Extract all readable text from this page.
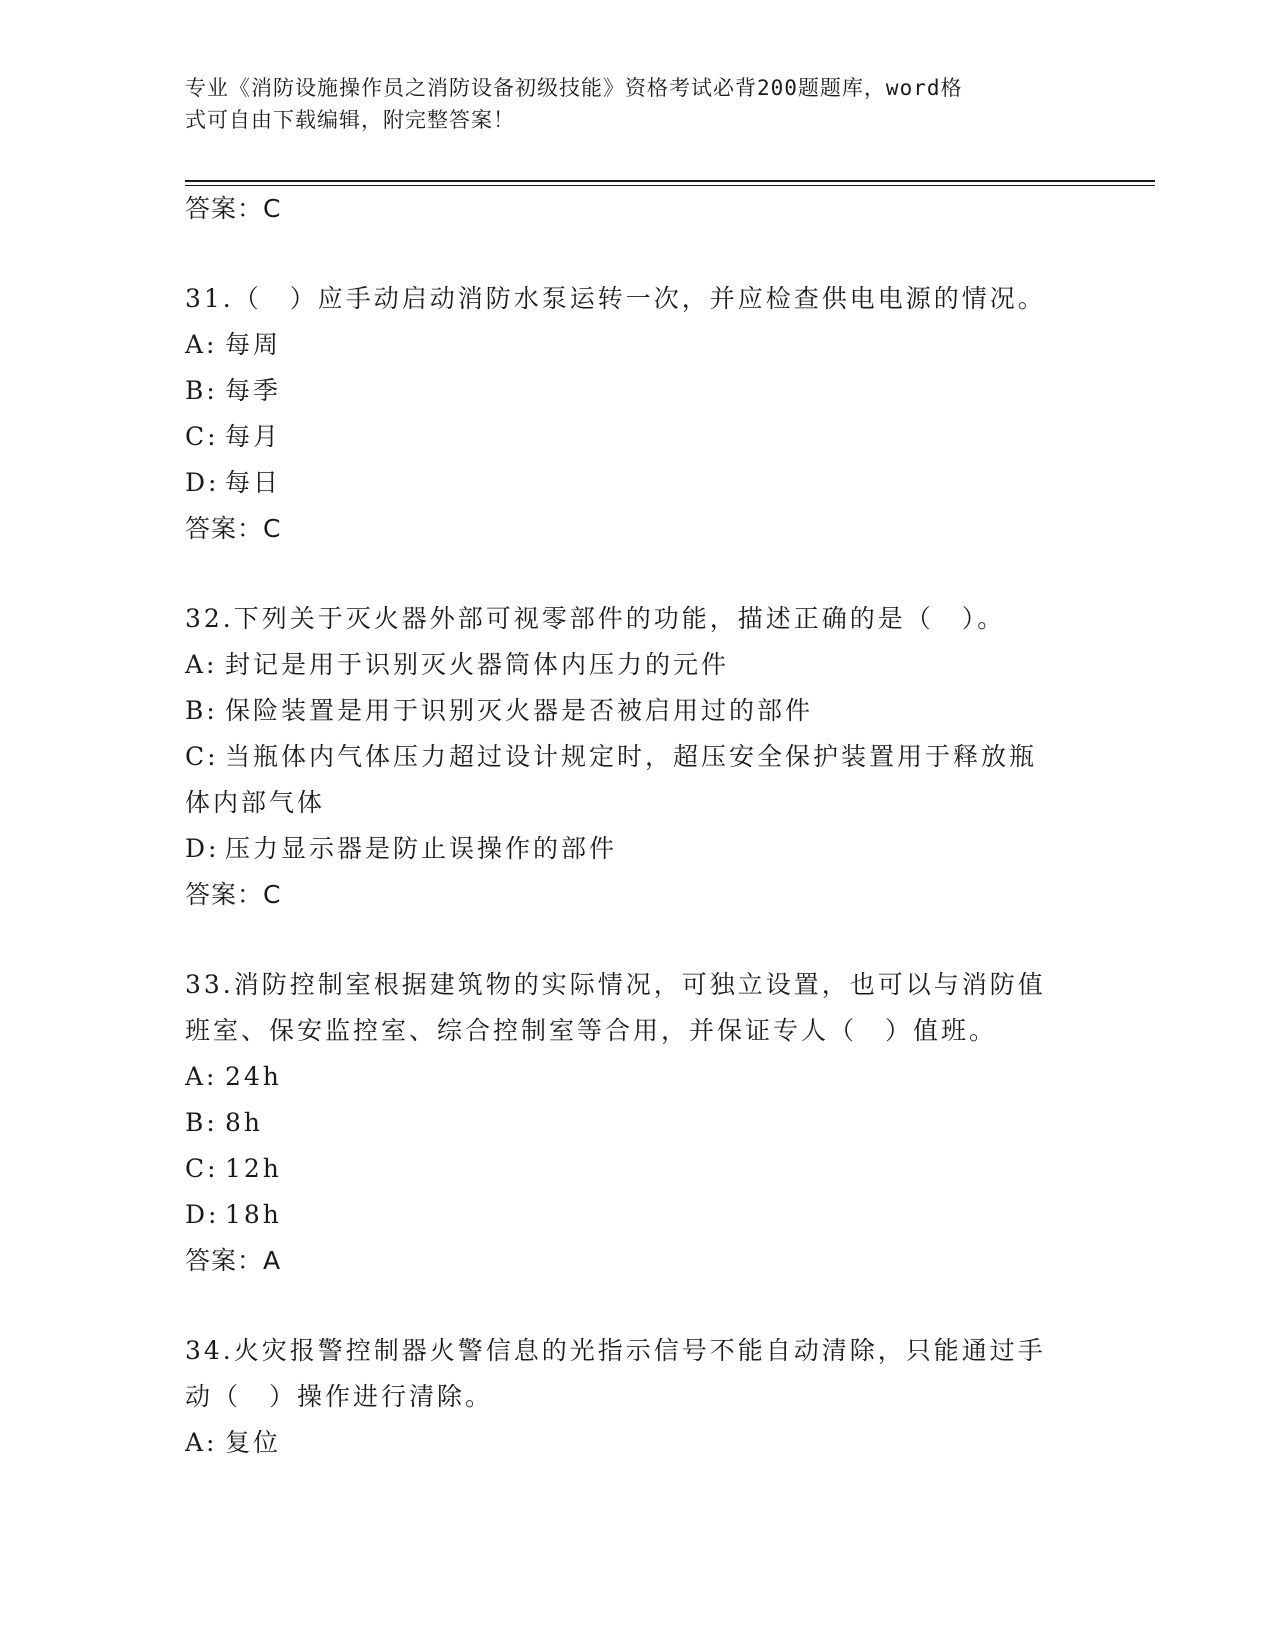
专业《消防设施操作员之消防设备初级技能》资格考试必背200题题库，word格
式可自由下载编辑，附完整答案！
答案：C
31.（　）应手动启动消防水泵运转一次，并应检查供电电源的情况。
A: 每周
B: 每季
C: 每月
D: 每日
答案：C
32.下列关于灭火器外部可视零部件的功能，描述正确的是（　）。
A: 封记是用于识别灭火器筒体内压力的元件
B: 保险装置是用于识别灭火器是否被启用过的部件
C: 当瓶体内气体压力超过设计规定时，超压安全保护装置用于释放瓶
体内部气体
D: 压力显示器是防止误操作的部件
答案：C
33.消防控制室根据建筑物的实际情况，可独立设置，也可以与消防值
班室、保安监控室、综合控制室等合用，并保证专人（　）值班。
A: 24h
B: 8h
C: 12h
D: 18h
答案：A
34.火灾报警控制器火警信息的光指示信号不能自动清除，只能通过手
动（　）操作进行清除。
A: 复位
